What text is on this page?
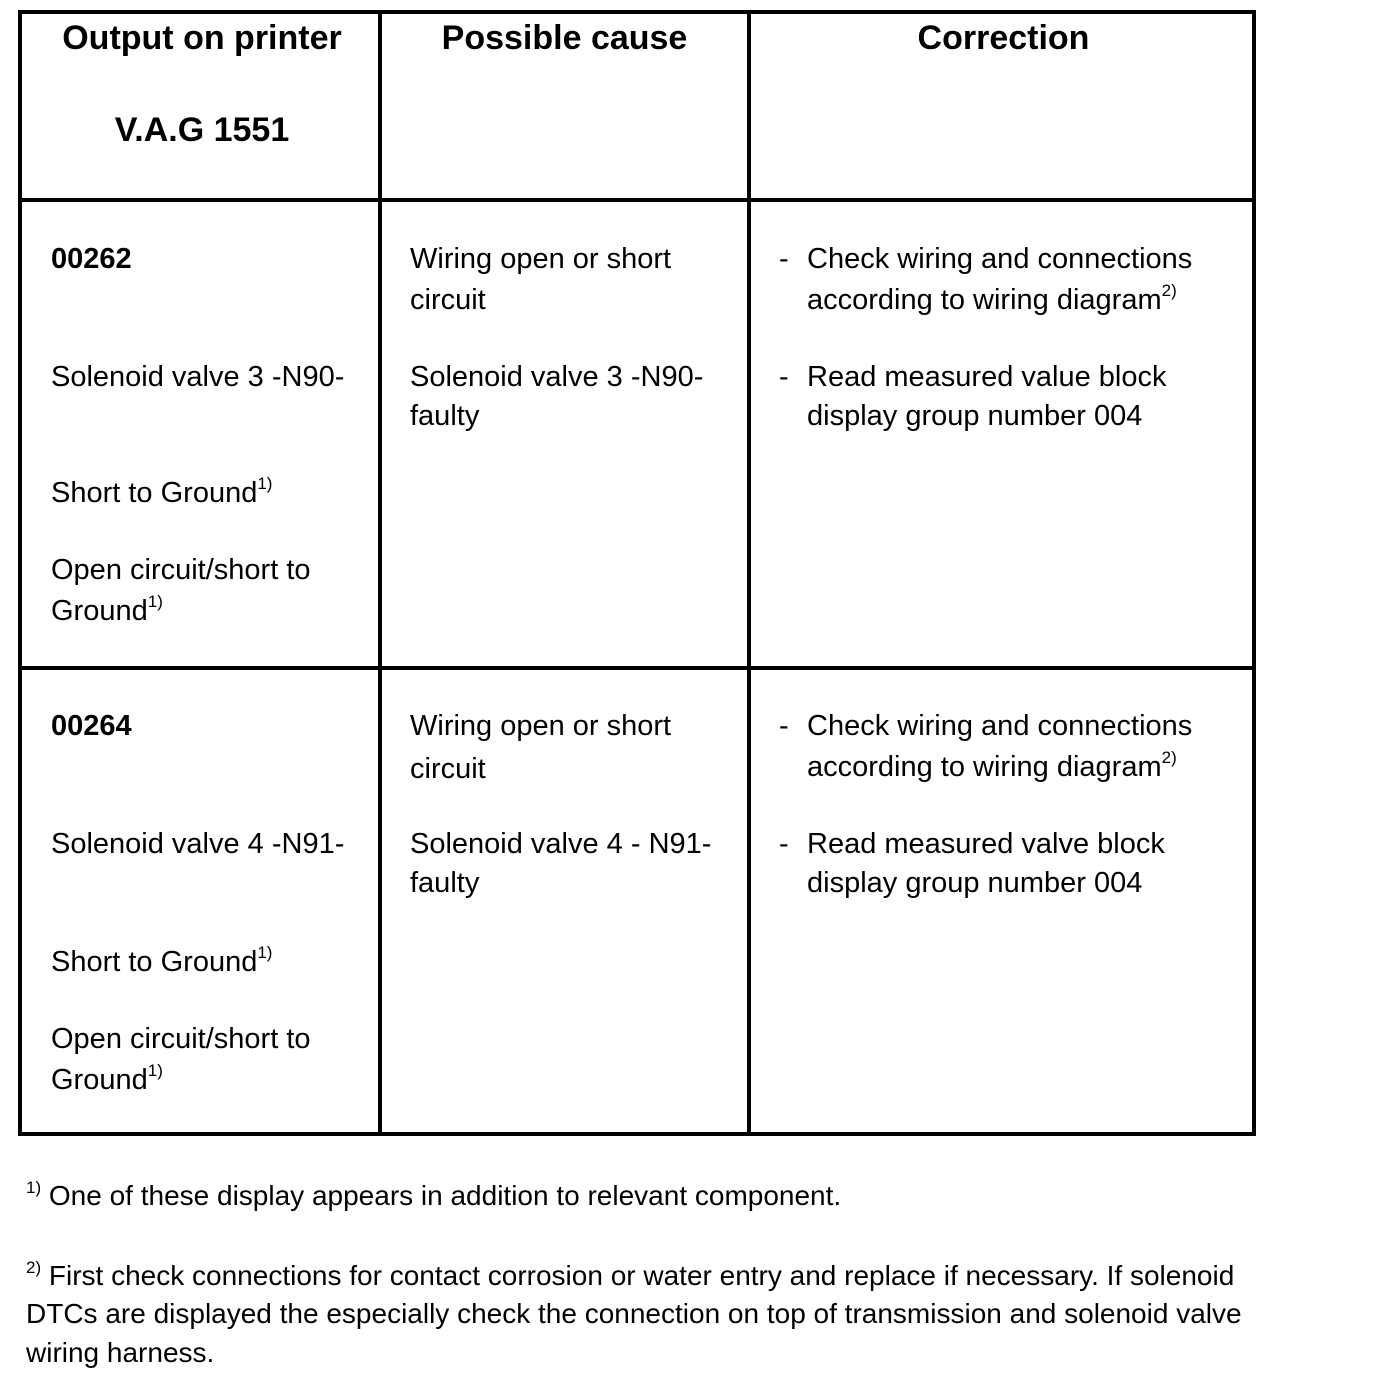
Output on printer
V.A.G 1551
Possible cause	Correction
00262
Solenoid valve 3 -N90-
Short to Ground$^{1)}$
Open circuit/short to
Ground$^{1)}$
Wiring open or short
circuit
Solenoid valve 3 -N90-
faulty
- Check wiring and connections
according to wiring diagram$^{2)}$
- Read measured value block
display group number 004
00264
Solenoid valve 4 -N91-
Short to Ground$^{1)}$
Open circuit/short to
Ground$^{1)}$
Wiring open or short
circuit
Solenoid valve 4 - N91-
faulty
- Check wiring and connections
according to wiring diagram$^{2)}$
- Read measured valve block
display group number 004
$^{1)}$ One of these display appears in addition to relevant component.
$^{2)}$ First check connections for contact corrosion or water entry and replace if necessary. If solenoid
DTCs are displayed the especially check the connection on top of transmission and solenoid valve
wiring harness.
